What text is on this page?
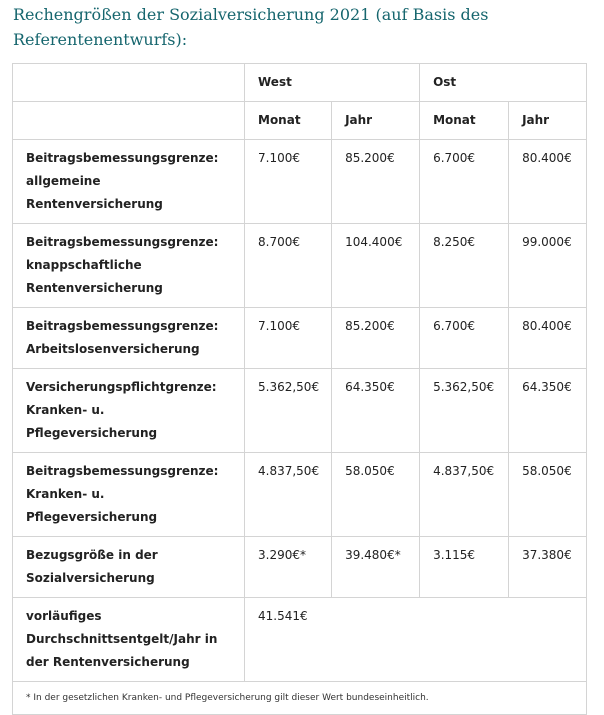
Rechengrößen der Sozialversicherung 2021 (auf Basis des Referentenentwurfs):
	West		Ost	
	Monat	Jahr	Monat	Jahr
Beitragsbemessungsgrenze: allgemeine Rentenversicherung	7.100€	85.200€	6.700€	80.400€
Beitragsbemessungsgrenze: knappschaftliche Rentenversicherung	8.700€	104.400€	8.250€	99.000€
Beitragsbemessungsgrenze: Arbeitslosenversicherung	7.100€	85.200€	6.700€	80.400€
Versicherungspflichtgrenze: Kranken- u. Pflegeversicherung	5.362,50€	64.350€	5.362,50€	64.350€
Beitragsbemessungsgrenze: Kranken- u. Pflegeversicherung	4.837,50€	58.050€	4.837,50€	58.050€
Bezugsgröße in der Sozialversicherung	3.290€*	39.480€*	3.115€	37.380€
vorläufiges Durchschnittsentgelt/Jahr in der Rentenversicherung	41.541€			
* In der gesetzlichen Kranken- und Pflegeversicherung gilt dieser Wert bundeseinheitlich.				
